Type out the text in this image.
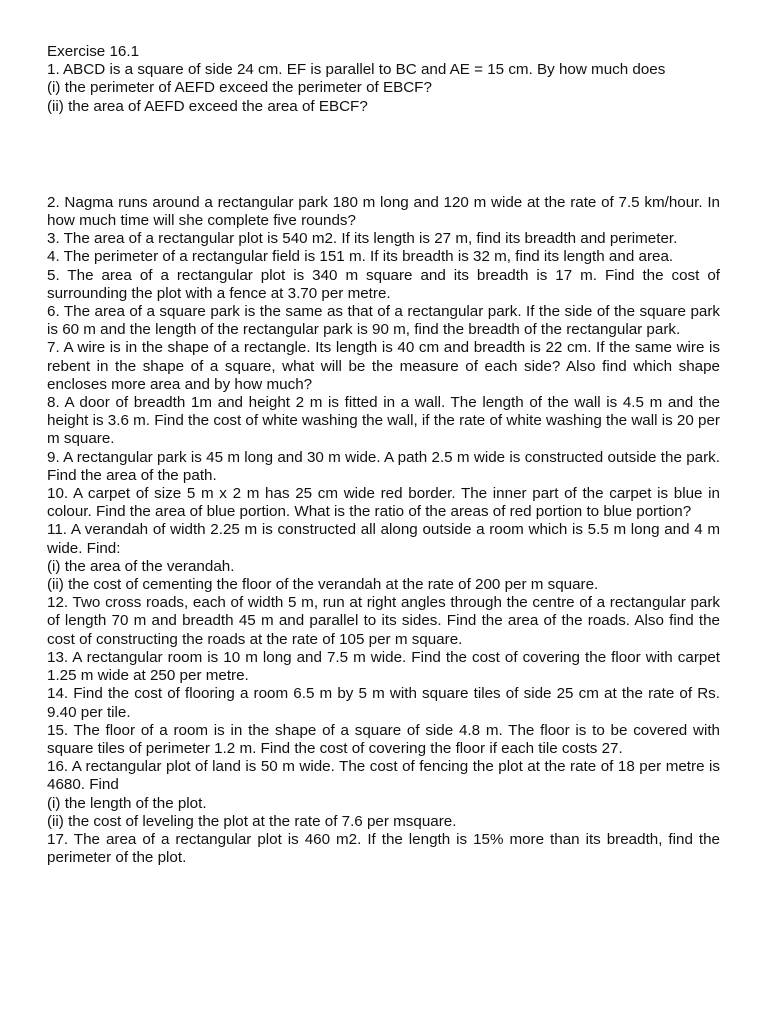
Exercise 16.1

1. ABCD is a square of side 24 cm. EF is parallel to BC and AE = 15 cm. By how much does

(i) the perimeter of AEFD exceed the perimeter of EBCF?

(ii) the area of AEFD exceed the area of EBCF?

2. Nagma runs around a rectangular park 180 m long and 120 m wide at the rate of 7.5 km/hour. In how much time will she complete five rounds?

3. The area of a rectangular plot is 540 m2. If its length is 27 m, find its breadth and perimeter.

4. The perimeter of a rectangular field is 151 m. If its breadth is 32 m, find its length and area.

5. The area of a rectangular plot is 340 m square and its breadth is 17 m. Find the cost of surrounding the plot with a fence at 3.70 per metre.

6. The area of a square park is the same as that of a rectangular park. If the side of the square park is 60 m and the length of the rectangular park is 90 m, find the breadth of the rectangular park.

7. A wire is in the shape of a rectangle. Its length is 40 cm and breadth is 22 cm. If the same wire is rebent in the shape of a square, what will be the measure of each side? Also find which shape encloses more area and by how much?

8. A door of breadth 1m and height 2 m is fitted in a wall. The length of the wall is 4.5 m and the height is 3.6 m. Find the cost of white washing the wall, if the rate of white washing the wall is 20 per m square.

9. A rectangular park is 45 m long and 30 m wide. A path 2.5 m wide is constructed outside the park. Find the area of the path.

10. A carpet of size 5 m x 2 m has 25 cm wide red border. The inner part of the carpet is blue in colour. Find the area of blue portion. What is the ratio of the areas of red portion to blue portion?

11. A verandah of width 2.25 m is constructed all along outside a room which is 5.5 m long and 4 m wide. Find:

(i) the area of the verandah.

(ii) the cost of cementing the floor of the verandah at the rate of 200 per m square.

12. Two cross roads, each of width 5 m, run at right angles through the centre of a rectangular park of length 70 m and breadth 45 m and parallel to its sides. Find the area of the roads. Also find the cost of constructing the roads at the rate of 105 per m square.

13. A rectangular room is 10 m long and 7.5 m wide. Find the cost of covering the floor with carpet 1.25 m wide at 250 per metre.

14. Find the cost of flooring a room 6.5 m by 5 m with square tiles of side 25 cm at the rate of Rs. 9.40 per tile.

15. The floor of a room is in the shape of a square of side 4.8 m. The floor is to be covered with square tiles of perimeter 1.2 m. Find the cost of covering the floor if each tile costs 27.

16. A rectangular plot of land is 50 m wide. The cost of fencing the plot at the rate of 18 per metre is 4680. Find

(i) the length of the plot.

(ii) the cost of leveling the plot at the rate of 7.6 per msquare.

17. The area of a rectangular plot is 460 m2. If the length is 15% more than its breadth, find the perimeter of the plot.
